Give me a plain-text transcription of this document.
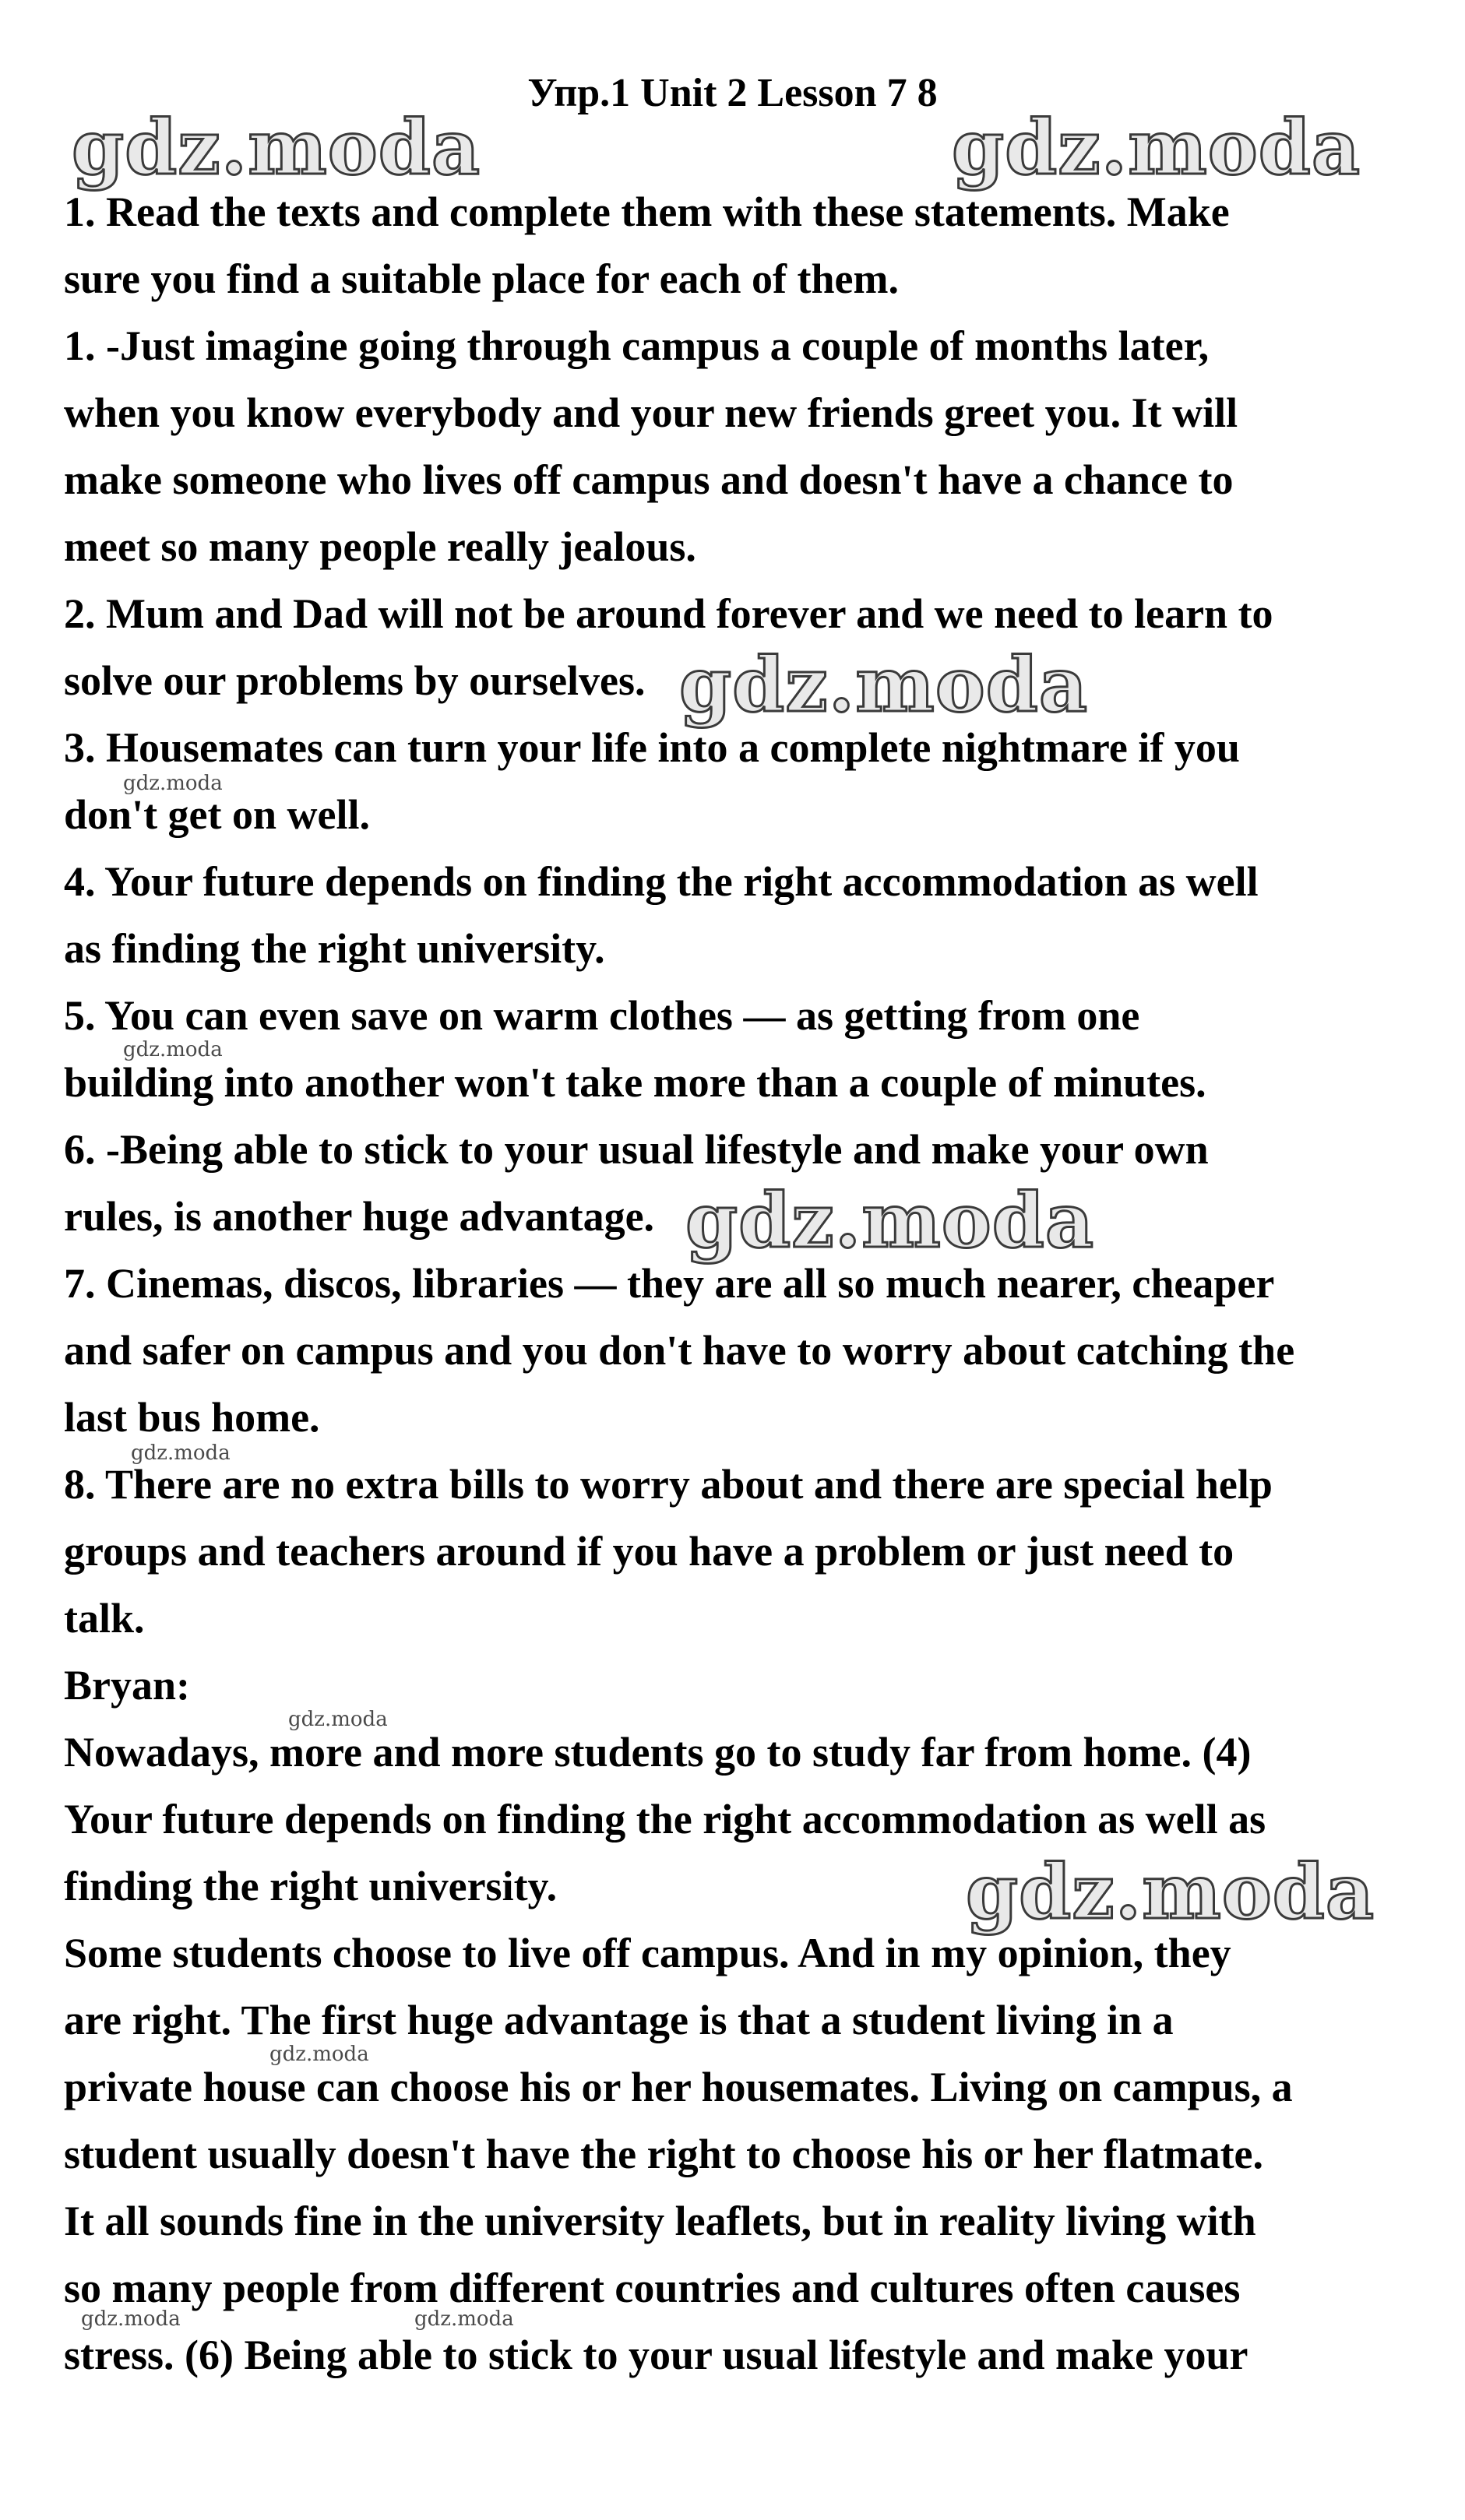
Упр.1 Unit 2 Lesson 7 8
1. Read the texts and complete them with these statements. Make
sure you find a suitable place for each of them.
1. -Just imagine going through campus a couple of months later,
when you know everybody and your new friends greet you. It will
make someone who lives off campus and doesn't have a chance to
meet so many people really jealous.
2. Mum and Dad will not be around forever and we need to learn to
solve our problems by ourselves.
3. Housemates can turn your life into a complete nightmare if you
don't get on well.
4. Your future depends on finding the right accommodation as well
as finding the right university.
5. You can even save on warm clothes — as getting from one
building into another won't take more than a couple of minutes.
6. -Being able to stick to your usual lifestyle and make your own
rules, is another huge advantage.
7. Cinemas, discos, libraries — they are all so much nearer, cheaper
and safer on campus and you don't have to worry about catching the
last bus home.
8. There are no extra bills to worry about and there are special help
groups and teachers around if you have a problem or just need to
talk.
Bryan:
Nowadays, more and more students go to study far from home. (4)
Your future depends on finding the right accommodation as well as
finding the right university.
Some students choose to live off campus. And in my opinion, they
are right. The first huge advantage is that a student living in a
private house can choose his or her housemates. Living on campus, a
student usually doesn't have the right to choose his or her flatmate.
It all sounds fine in the university leaflets, but in reality living with
so many people from different countries and cultures often causes
stress. (6) Being able to stick to your usual lifestyle and make your
gdz.moda	gdz.moda
gdz.moda
gdz.moda
gdz.moda
gdz.moda
gdz.moda
gdz.moda
gdz.moda
gdz.moda
gdz.moda	gdz.moda
